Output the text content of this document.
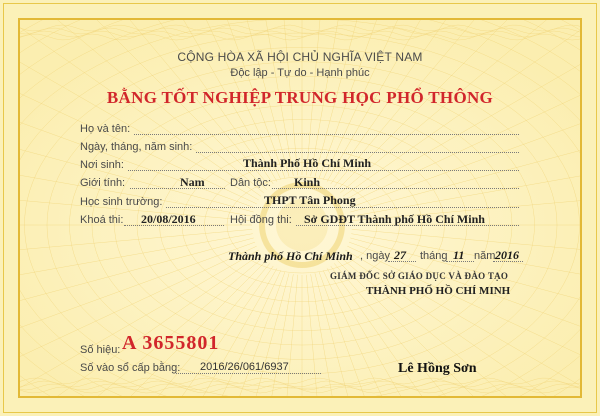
CỘNG HÒA XÃ HỘI CHỦ NGHĨA VIỆT NAM
Độc lập - Tự do - Hạnh phúc
BẰNG TỐT NGHIỆP TRUNG HỌC PHỔ THÔNG
Họ và tên:
Ngày, tháng, năm sinh:
Nơi sinh:	Thành Phố Hồ Chí Minh
Giới tính:	Nam Dân tộc: Kinh
Học sinh trường:	THPT Tân Phong
Khoá thi: 20/08/2016	Hội đồng thi: Sở GDĐT Thành phố Hồ Chí Minh
Thành phố Hồ Chí Minh , ngày 27 tháng 11 năm 2016
GIÁM ĐỐC SỞ GIÁO DỤC VÀ ĐÀO TẠO
THÀNH PHỐ HỒ CHÍ MINH
Lê Hồng Sơn
Số hiệu: A 3655801
Số vào sổ cấp bằng: 2016/26/061/6937
